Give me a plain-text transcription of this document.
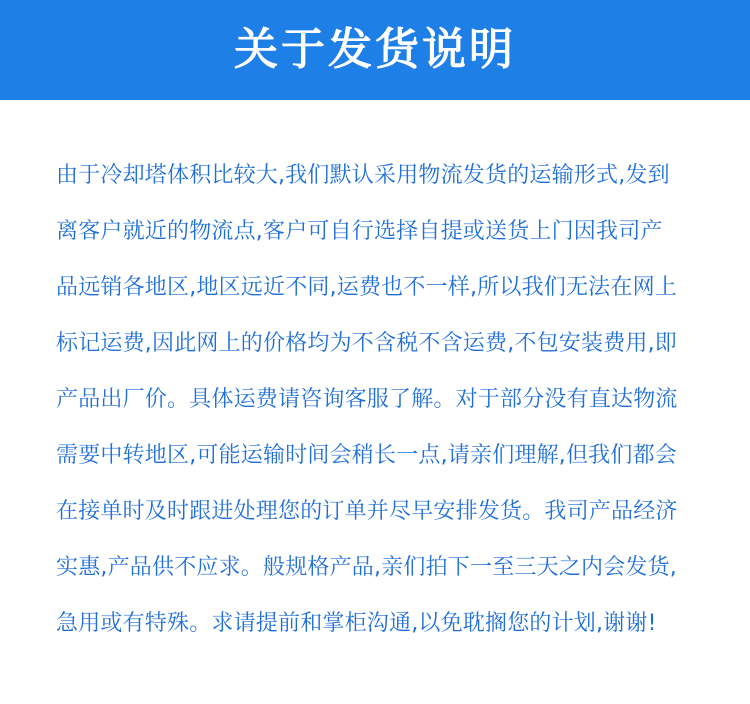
关于发货说明
由于冷却塔体积比较大,我们默认采用物流发货的运输形式,发到
离客户就近的物流点,客户可自行选择自提或送货上门因我司产
品远销各地区,地区远近不同,运费也不一样,所以我们无法在网上
标记运费,因此网上的价格均为不含税不含运费,不包安装费用,即
产品出厂价。具体运费请咨询客服了解。对于部分没有直达物流
需要中转地区,可能运输时间会稍长一点,请亲们理解,但我们都会
在接单时及时跟进处理您的订单并尽早安排发货。我司产品经济
实惠,产品供不应求。般规格产品,亲们拍下一至三天之内会发货,
急用或有特殊。求请提前和掌柜沟通,以免耽搁您的计划,谢谢!
